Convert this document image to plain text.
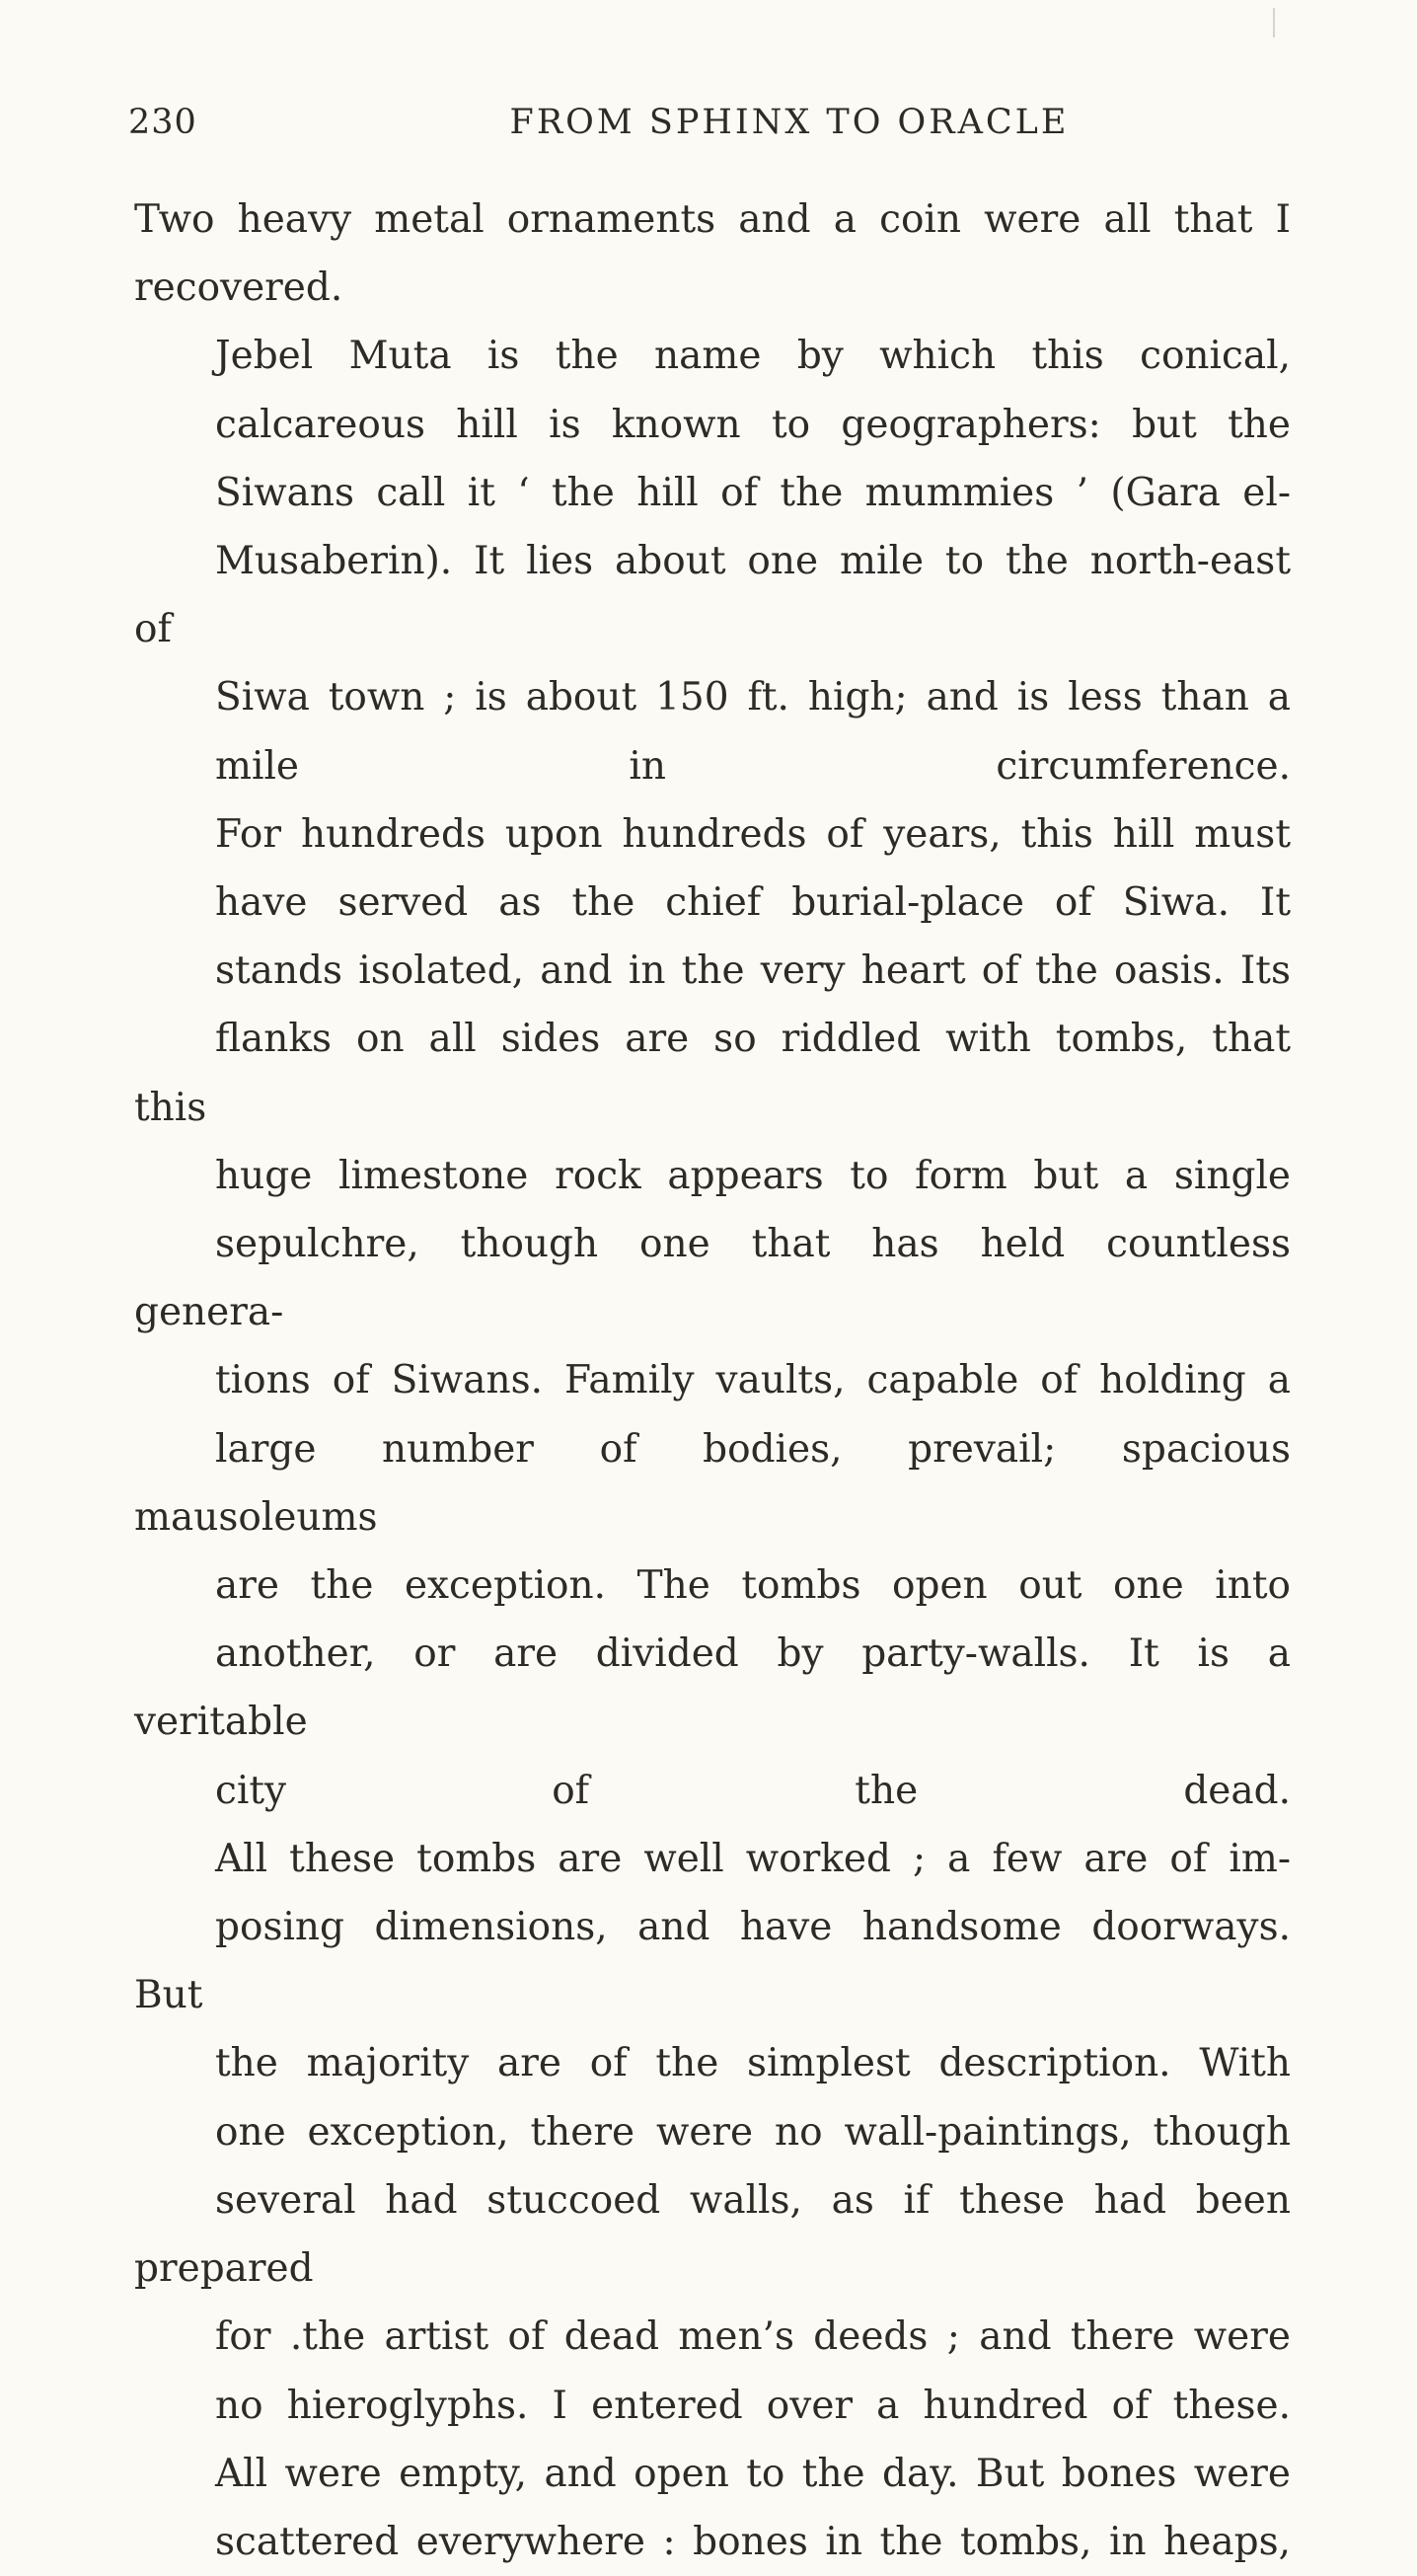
230	FROM SPHINX TO ORACLE

Two heavy metal ornaments and a coin were all that I
recovered.

Jebel Muta is the name by which this conical,
calcareous hill is known to geographers: but the
Siwans call it ‘ the hill of the mummies ’ (Gara el-
Musaberin). It lies about one mile to the north-east of
Siwa town ; is about 150 ft. high; and is less than a
mile in circumference.

For hundreds upon hundreds of years, this hill must
have served as the chief burial-place of Siwa. It
stands isolated, and in the very heart of the oasis. Its
flanks on all sides are so riddled with tombs, that this
huge limestone rock appears to form but a single
sepulchre, though one that has held countless genera-
tions of Siwans. Family vaults, capable of holding a
large number of bodies, prevail; spacious mausoleums
are the exception. The tombs open out one into
another, or are divided by party-walls. It is a veritable
city of the dead.

All these tombs are well worked ; a few are of im-
posing dimensions, and have handsome doorways. But
the majority are of the simplest description. With
one exception, there were no wall-paintings, though
several had stuccoed walls, as if these had been prepared
for .the artist of dead men’s deeds ; and there were
no hieroglyphs. I entered over a hundred of these.
All were empty, and open to the day. But bones were
scattered everywhere : bones in the tombs, in heaps,
